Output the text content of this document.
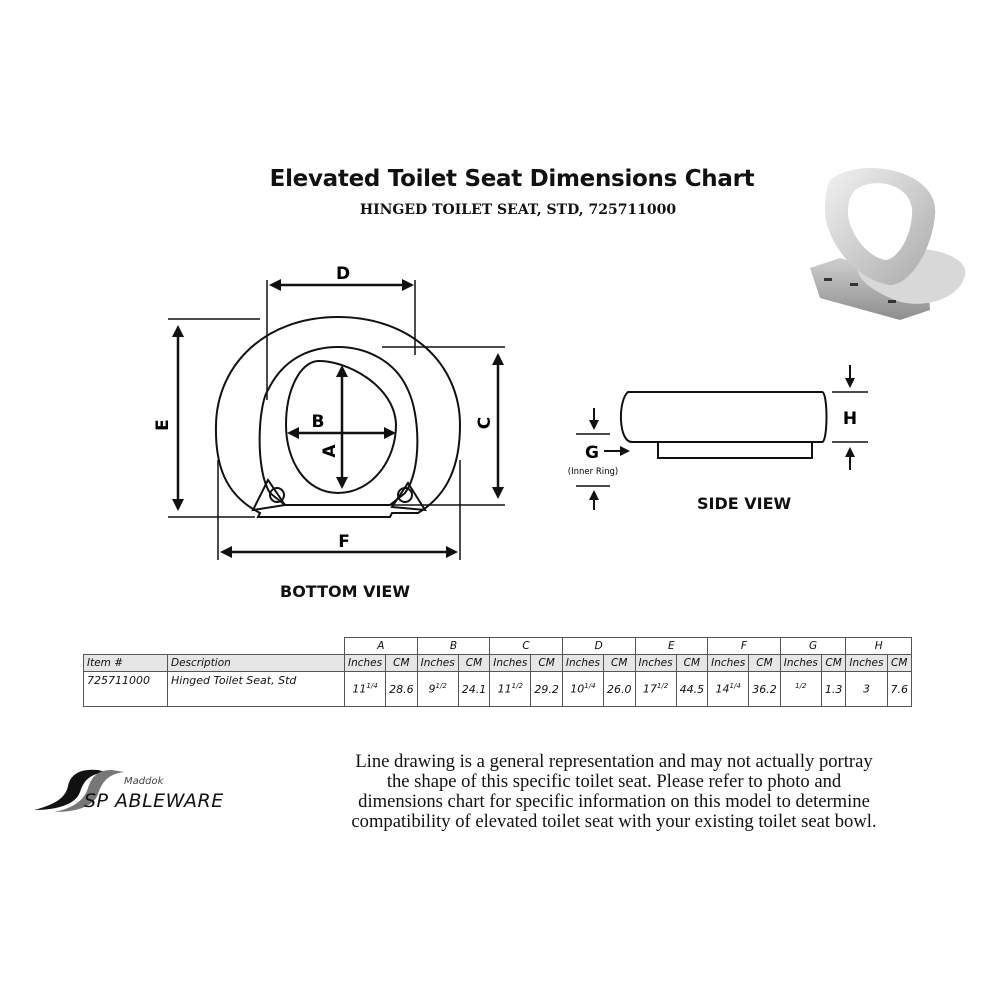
Elevated Toilet Seat Dimensions Chart
HINGED TOILET SEAT, STD, 725711000
D
E	C
F
B
A
BOTTOM VIEW
H
G
(Inner Ring)
SIDE VIEW
		A		B		C		D		E		F		G		H	
Item #	Description	Inches	CM	Inches	CM	Inches	CM	Inches	CM	Inches	CM	Inches	CM	Inches	CM	Inches	CM
725711000	Hinged Toilet Seat, Std	$11^{1/4}$	28.6	$9^{1/2}$	24.1	$11^{1/2}$	29.2	$10^{1/4}$	26.0	$17^{1/2}$	44.5	$14^{1/4}$	36.2	$^{1/2}$	1.3	3	7.6
Maddok
SP ABLEWARE
Line drawing is a general representation and may not actually portray
the shape of this specific toilet seat. Please refer to photo and
dimensions chart for specific information on this model to determine
compatibility of elevated toilet seat with your existing toilet seat bowl.
